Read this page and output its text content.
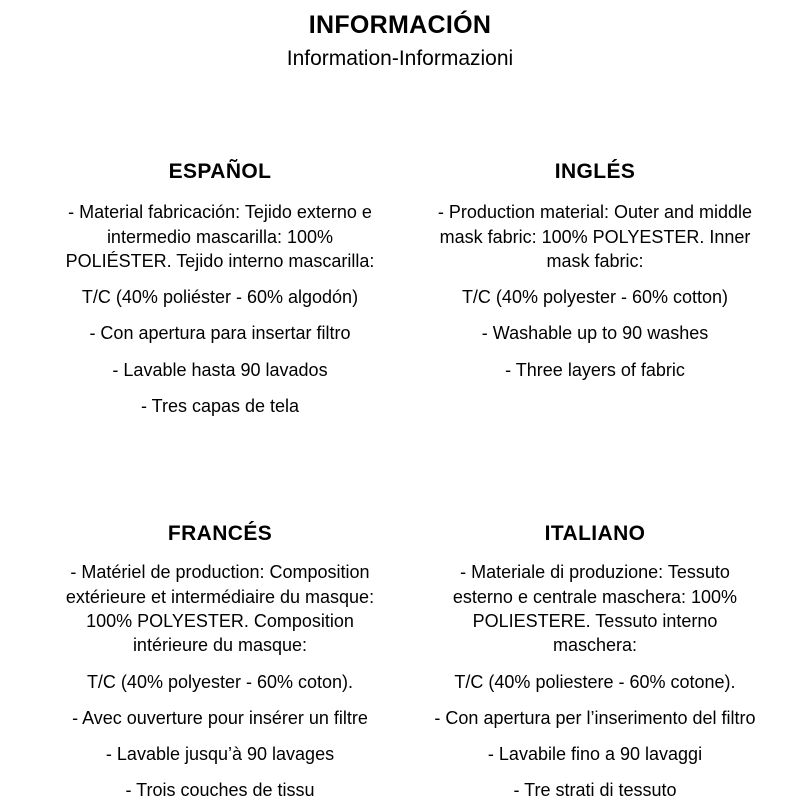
INFORMACIÓN
Information-Informazioni
ESPAÑOL

- Material fabricación: Tejido externo e intermedio mascarilla: 100% POLIÉSTER. Tejido interno mascarilla:

T/C (40% poliéster - 60% algodón)

- Con apertura para insertar filtro

- Lavable hasta 90 lavados

- Tres capas de tela

INGLÉS

- Production material: Outer and middle mask fabric: 100% POLYESTER. Inner mask fabric:

T/C (40% polyester - 60% cotton)

- Washable up to 90 washes

- Three layers of fabric

FRANCÉS

- Matériel de production: Composition extérieure et intermédiaire du masque: 100% POLYESTER. Composition intérieure du masque:

T/C (40% polyester - 60% coton).

- Avec ouverture pour insérer un filtre

- Lavable jusqu’à 90 lavages

- Trois couches de tissu

ITALIANO

- Materiale di produzione: Tessuto esterno e centrale maschera: 100% POLIESTERE. Tessuto interno maschera:

T/C (40% poliestere - 60% cotone).

- Con apertura per l’inserimento del filtro

- Lavabile fino a 90 lavaggi

- Tre strati di tessuto
